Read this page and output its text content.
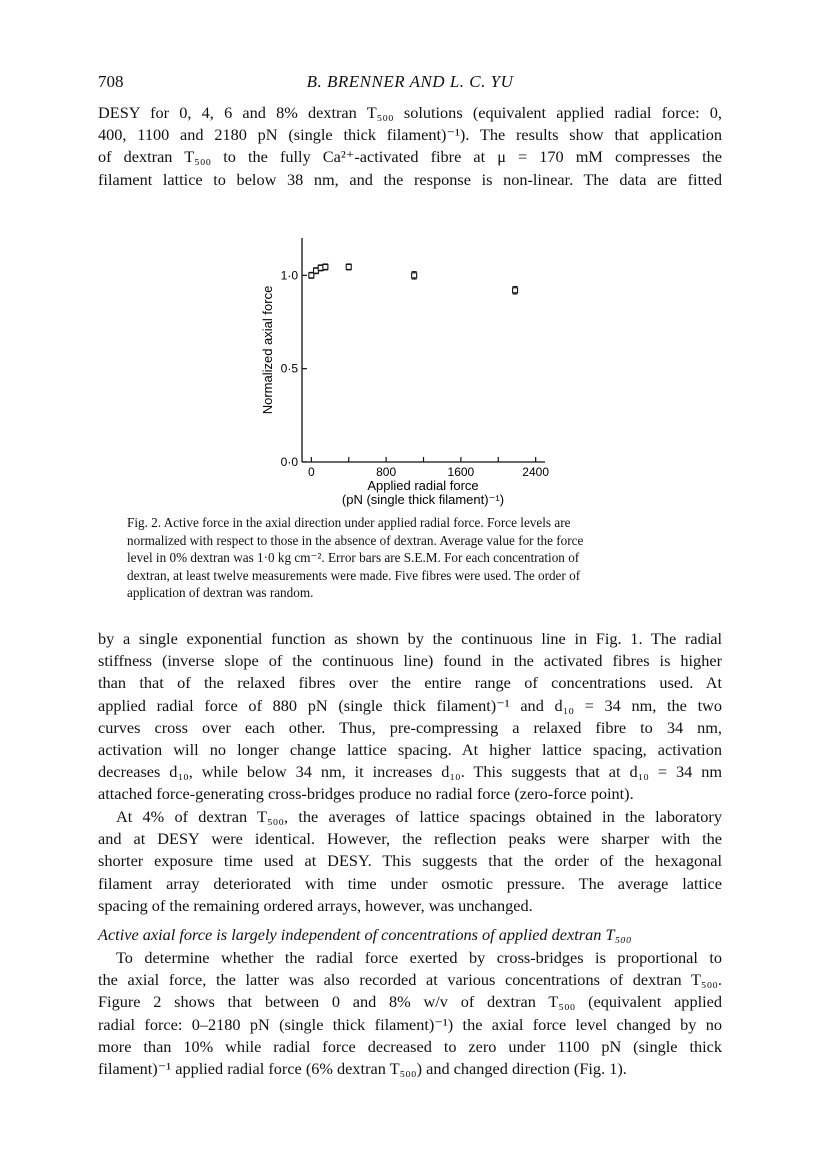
708	B. BRENNER AND L. C. YU

DESY for 0, 4, 6 and 8% dextran T₅₀₀ solutions (equivalent applied radial force: 0,
400, 1100 and 2180 pN (single thick filament)⁻¹). The results show that application
of dextran T₅₀₀ to the fully Ca²⁺-activated fibre at μ = 170 mM compresses the
filament lattice to below 38 nm, and the response is non-linear. The data are fitted

0·0
0·5
1·0
0	800	1600	2400
Normalized axial force
Applied radial force
(pN (single thick filament)⁻¹)
Fig. 2. Active force in the axial direction under applied radial force. Force levels are
normalized with respect to those in the absence of dextran. Average value for the force
level in 0% dextran was 1·0 kg cm⁻². Error bars are S.E.M. For each concentration of
dextran, at least twelve measurements were made. Five fibres were used. The order of
application of dextran was random.

by a single exponential function as shown by the continuous line in Fig. 1. The radial
stiffness (inverse slope of the continuous line) found in the activated fibres is higher
than that of the relaxed fibres over the entire range of concentrations used. At
applied radial force of 880 pN (single thick filament)⁻¹ and d₁₀ = 34 nm, the two
curves cross over each other. Thus, pre-compressing a relaxed fibre to 34 nm,
activation will no longer change lattice spacing. At higher lattice spacing, activation
decreases d₁₀, while below 34 nm, it increases d₁₀. This suggests that at d₁₀ = 34 nm
attached force-generating cross-bridges produce no radial force (zero-force point).

At 4% of dextran T₅₀₀, the averages of lattice spacings obtained in the laboratory
and at DESY were identical. However, the reflection peaks were sharper with the
shorter exposure time used at DESY. This suggests that the order of the hexagonal
filament array deteriorated with time under osmotic pressure. The average lattice
spacing of the remaining ordered arrays, however, was unchanged.

Active axial force is largely independent of concentrations of applied dextran T₅₀₀

To determine whether the radial force exerted by cross-bridges is proportional to
the axial force, the latter was also recorded at various concentrations of dextran T₅₀₀.
Figure 2 shows that between 0 and 8% w/v of dextran T₅₀₀ (equivalent applied
radial force: 0–2180 pN (single thick filament)⁻¹) the axial force level changed by no
more than 10% while radial force decreased to zero under 1100 pN (single thick
filament)⁻¹ applied radial force (6% dextran T₅₀₀) and changed direction (Fig. 1).
